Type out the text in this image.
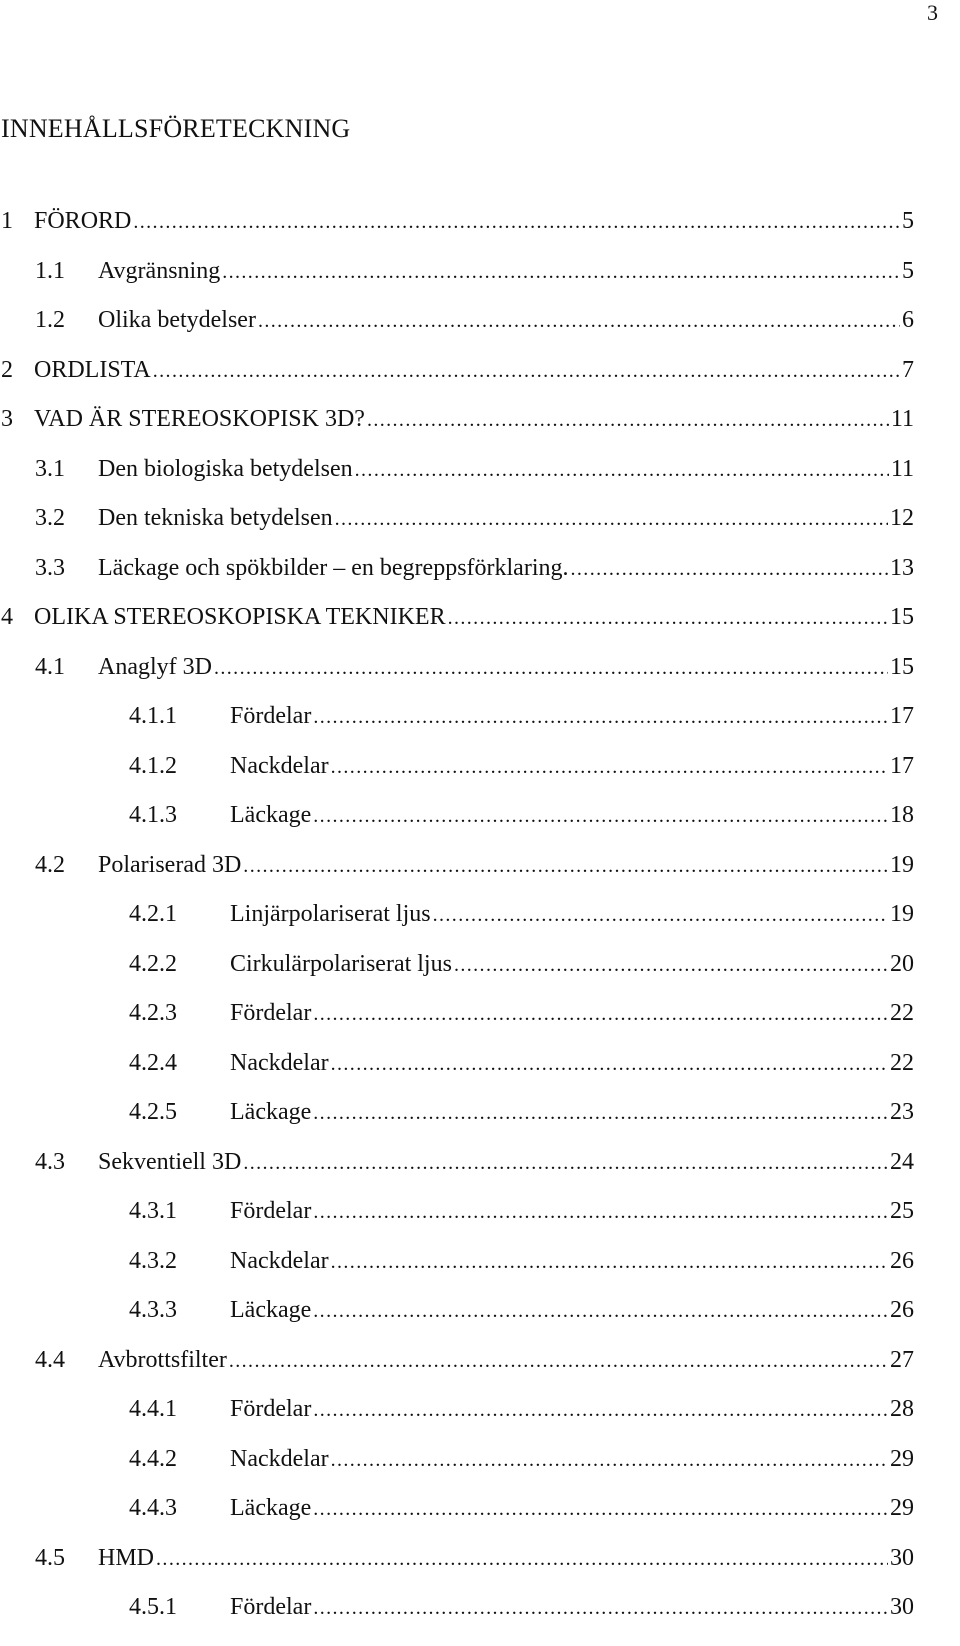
3
INNEHÅLLSFÖRETECKNING
1 FÖRORD .....	5
1.1 Avgränsning .....	5
1.2 Olika betydelser .....	6
2 ORDLISTA .....	7
3 VAD ÄR STEREOSKOPISK 3D? .....	11
3.1 Den biologiska betydelsen .....	11
3.2 Den tekniska betydelsen .....	12
3.3 Läckage och spökbilder – en begreppsförklaring. .....	13
4 OLIKA STEREOSKOPISKA TEKNIKER .....	15
4.1 Anaglyf 3D .....	15
4.1.1 Fördelar .....	17
4.1.2 Nackdelar .....	17
4.1.3 Läckage .....	18
4.2 Polariserad 3D .....	19
4.2.1 Linjärpolariserat ljus .....	19
4.2.2 Cirkulärpolariserat ljus .....	20
4.2.3 Fördelar .....	22
4.2.4 Nackdelar .....	22
4.2.5 Läckage .....	23
4.3 Sekventiell 3D .....	24
4.3.1 Fördelar .....	25
4.3.2 Nackdelar .....	26
4.3.3 Läckage .....	26
4.4 Avbrottsfilter .....	27
4.4.1 Fördelar .....	28
4.4.2 Nackdelar .....	29
4.4.3 Läckage .....	29
4.5 HMD .....	30
4.5.1 Fördelar .....	30
